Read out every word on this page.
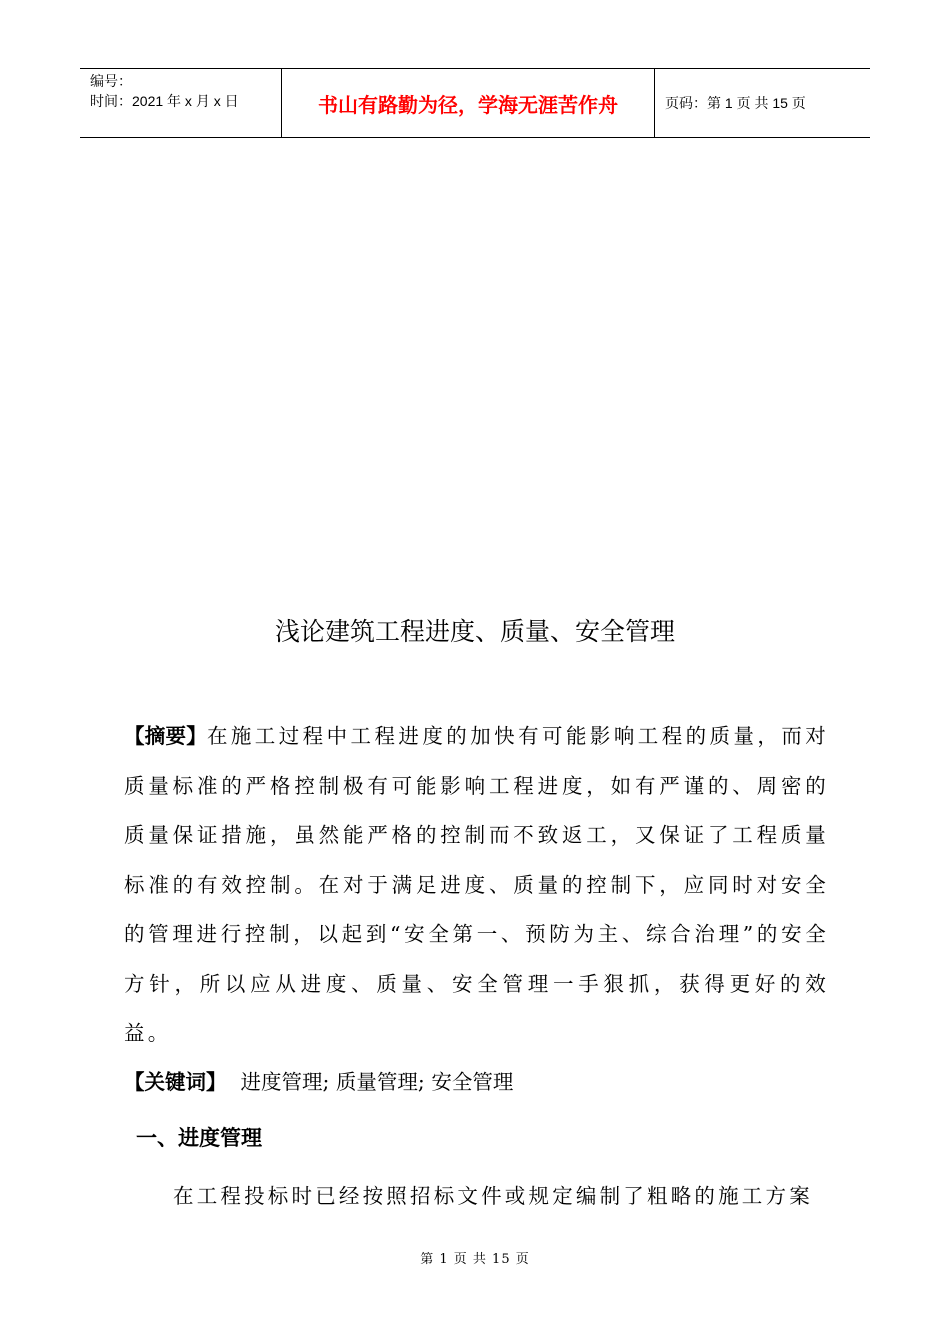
编号：
时间：2021 年 x 月 x 日	书山有路勤为径，学海无涯苦作舟	页码：第 1 页 共 15 页
浅论建筑工程进度、质量、安全管理
【摘要】在施工过程中工程进度的加快有可能影响工程的质量，而对质量标准的严格控制极有可能影响工程进度，如有严谨的、周密的质量保证措施，虽然能严格的控制而不致返工，又保证了工程质量标准的有效控制。在对于满足进度、质量的控制下，应同时对安全的管理进行控制，以起到“安全第一、预防为主、综合治理”的安全方针，所以应从进度、质量、安全管理一手狠抓，获得更好的效益。
【关键词】 进度管理; 质量管理; 安全管理
一、进度管理
在工程投标时已经按照招标文件或规定编制了粗略的施工方案
第 1 页 共 15 页
